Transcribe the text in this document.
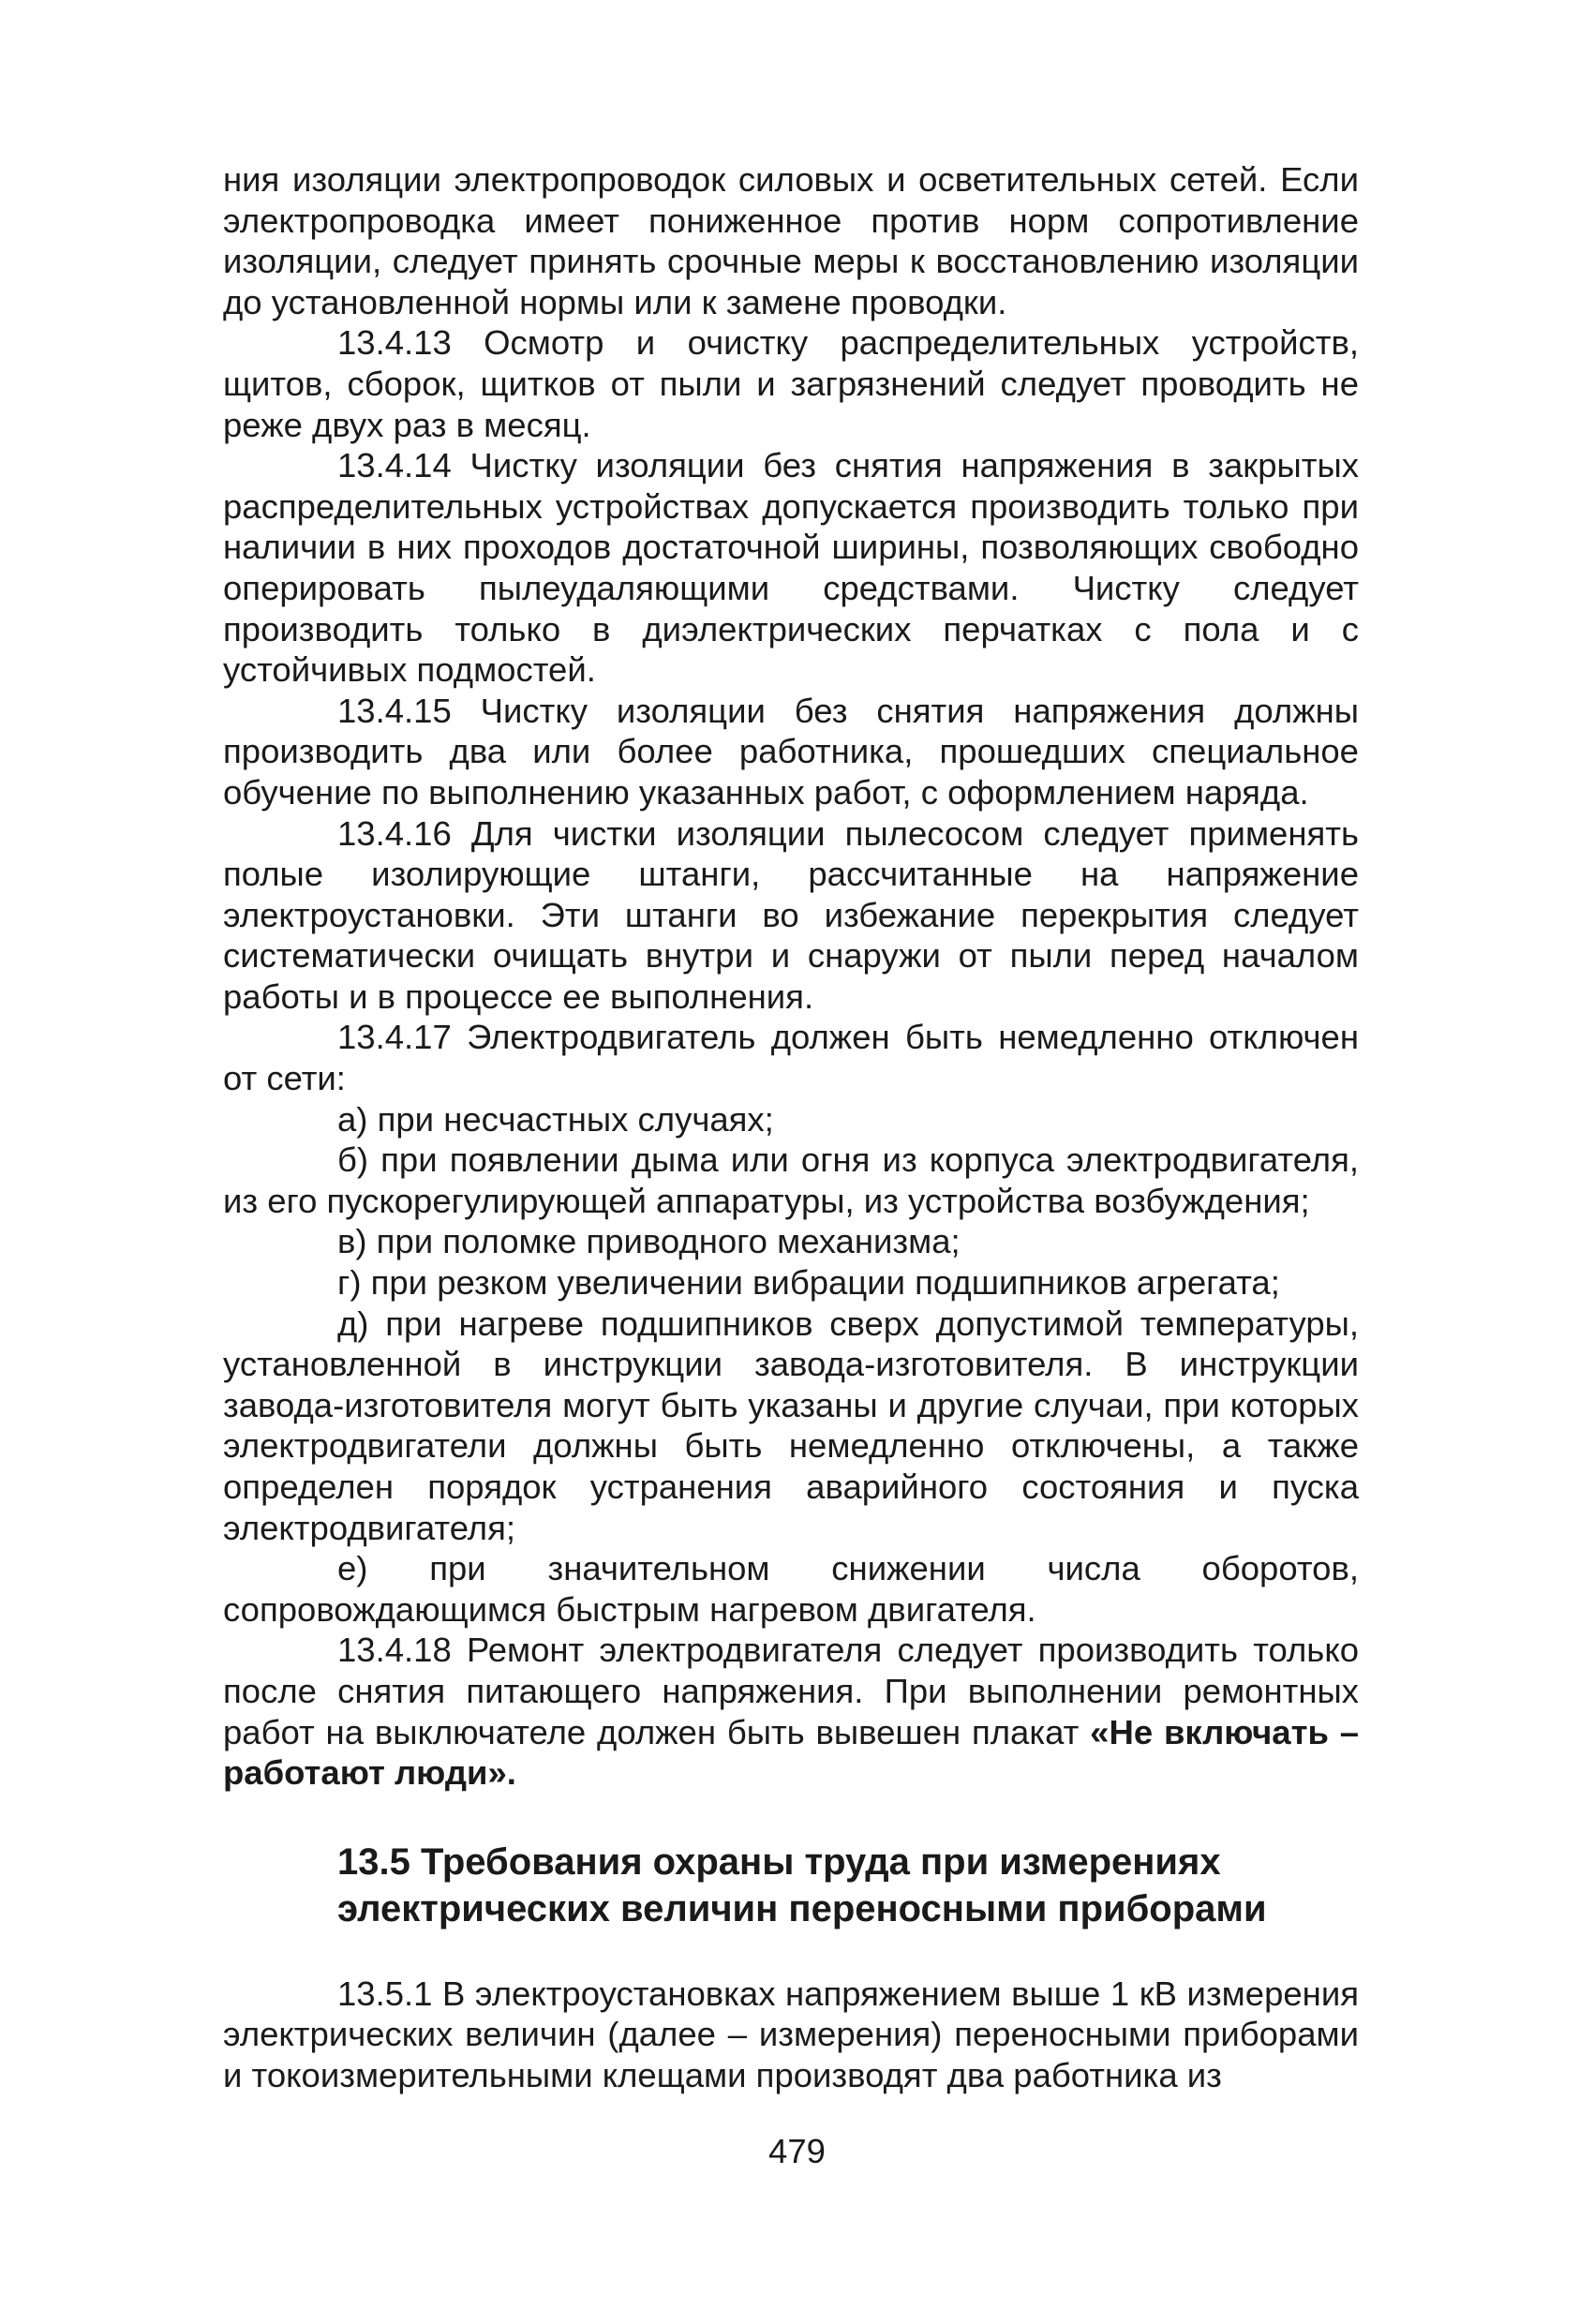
ния изоляции электропроводок силовых и осветительных сетей. Если электропроводка имеет пониженное против норм сопротивление изоляции, следует принять срочные меры к восстановлению изоляции до установленной нормы или к замене проводки.

13.4.13 Осмотр и очистку распределительных устройств, щитов, сборок, щитков от пыли и загрязнений следует проводить не реже двух раз в месяц.

13.4.14 Чистку изоляции без снятия напряжения в закрытых распределительных устройствах допускается производить только при наличии в них проходов достаточной ширины, позволяющих свободно оперировать пылеудаляющими средствами. Чистку следует производить только в диэлектрических перчатках с пола и с устойчивых подмостей.

13.4.15 Чистку изоляции без снятия напряжения должны производить два или более работника, прошедших специальное обучение по выполнению указанных работ, с оформлением наряда.

13.4.16 Для чистки изоляции пылесосом следует применять полые изолирующие штанги, рассчитанные на напряжение электроустановки. Эти штанги во избежание перекрытия следует систематически очищать внутри и снаружи от пыли перед началом работы и в процессе ее выполнения.

13.4.17 Электродвигатель должен быть немедленно отключен от сети:

а) при несчастных случаях;

б) при появлении дыма или огня из корпуса электродвигателя, из его пускорегулирующей аппаратуры, из устройства возбуждения;

в) при поломке приводного механизма;

г) при резком увеличении вибрации подшипников агрегата;

д) при нагреве подшипников сверх допустимой температуры, установленной в инструкции завода-изготовителя. В инструкции завода-изготовителя могут быть указаны и другие случаи, при которых электродвигатели должны быть немедленно отключены, а также определен порядок устранения аварийного состояния и пуска электродвигателя;

е) при значительном снижении числа оборотов, сопровождающимся быстрым нагревом двигателя.

13.4.18 Ремонт электродвигателя следует производить только после снятия питающего напряжения. При выполнении ремонтных работ на выключателе должен быть вывешен плакат «Не включать – работают люди».

13.5 Требования охраны труда при измерениях
электрических величин переносными приборами

13.5.1 В электроустановках напряжением выше 1 кВ измерения электрических величин (далее – измерения) переносными приборами и токоизмерительными клещами производят два работника из

479
